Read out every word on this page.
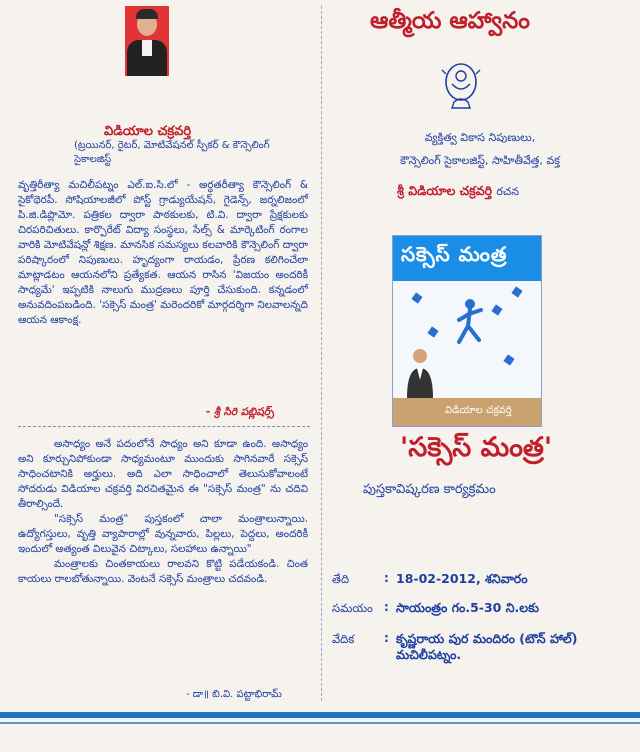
విడియాల చక్రవర్తి
(ట్రయినర్, రైటర్, మోటివేషనల్ స్పీకర్ & కౌన్సెలింగ్ సైకాలజిస్ట్
వృత్తిరీత్యా మచిలీపట్నం ఎల్.ఐ.సి.లో - అర్థతరీత్యా కౌన్సెలింగ్ & సైకోథెరపీ. సోషియాలజీలో పోస్ట్ గ్రాడ్యుయేషన్, గైడెన్స్, జర్నలిజంలో పి.జి.డిప్లొమో. పత్రికల ద్వారా పాఠకులకు, టి.వి. ద్వారా ప్రేక్షకులకు చిరపరిచితులు. కార్పొరేట్ విద్యా సంస్థలు, సేల్స్ & మార్కెటింగ్ రంగాల వారికి మోటివేషన్లో శిక్షణ. మానసిక సమస్యలు కలవారికి కౌన్సెలింగ్ ద్వారా పరిష్కారంలో నిపుణులు. హృద్యంగా రాయడం, ప్రేరణ కలిగించేలా మాట్లాడటం ఆయనలోని ప్రత్యేకత. ఆయన రాసిన 'విజయం అందరికీ సాధ్యమే' ఇప్పటికి నాలుగు ముద్రణలు పూర్తి చేసుకుంది. కన్నడంలో అనువదింపబడింది. 'సక్సెస్ మంత్ర' మరెందరికో మార్గదర్శిగా నిలవాలన్నది ఆయన ఆకాంక్ష.
- శ్రీ సిరి పబ్లిషర్స్

అసాధ్యం అనే పదంలోనే సాధ్యం అని కూడా ఉంది. అసాధ్యం అని కూర్చునిపోకుండా సాధ్యమంటూ ముందుకు సాగినవారే సక్సెస్ సాధించటానికి అర్హులు. అది ఎలా సాధించాలో తెలుసుకోవాలంటే సోదరుడు విడియాల చక్రవర్తి విరచితమైన ఈ "సక్సెస్ మంత్ర" ను చదివి తీరాల్సిందే.

"సక్సెస్ మంత్ర" పుస్తకంలో చాలా మంత్రాలున్నాయి. ఉద్యోగస్తులు, వృత్తి వ్యాపారాల్లో వున్నవారు, పిల్లలు, పెద్దలు, అందరికీ ఇందులో అత్యంత విలువైన చిట్కాలు, సలహాలు ఉన్నాయి"

మంత్రాలకు చింతకాయలు రాలవని కొట్టి పడేయకండి. చింత కాయలు రాలబోతున్నాయి. వెంటనే సక్సెస్ మంత్రాలు చదవండి.

- డా॥ బి.వి. పట్టాభిరామ్
ఆత్మీయ ఆహ్వానం
వ్యక్తిత్వ వికాస నిపుణులు,
కౌన్సెలింగ్ సైకాలజిస్ట్, సాహితీవేత్త, వక్త
శ్రీ విడియాల చక్రవర్తి రచన
సక్సెస్ మంత్ర
విడియాల చక్రవర్తి
'సక్సెస్ మంత్ర'
పుస్తకావిష్కరణ కార్యక్రమం
తేది	: 18-02-2012, శనివారం
సమయం : సాయంత్రం గం.5-30 ని.లకు
వేదిక : కృష్ణరాయ పుర మందిరం (టౌన్ హాల్) మచిలీపట్నం.
